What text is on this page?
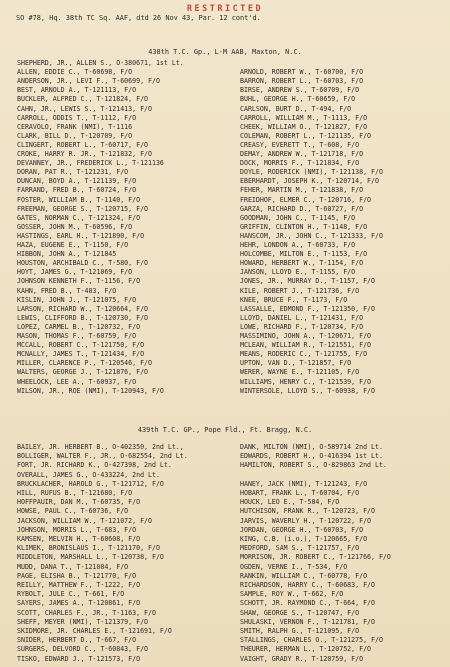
RESTRICTED
SO #78, Hq. 38th TC Sq. AAF, dtd 26 Nov 43, Par. 12 cont'd.
438th T.C. Gp., L-M AAB, Maxton, N.C.
SHEPHERD, JR., ALLEN S., O-380671, 1st Lt.
ALLEN, EDDIE C., T-60698, F/O	ARNOLD, ROBERT W., T-60700, F/O
ANDERSON, JR., LEVI F., T-60699, F/O	BARRON, ROBERT L., T-60703, F/O
BEST, ARNOLD A., T-121113, F/O	BIRSE, ANDREW S., T-60709, F/O
BUCKLER, ALFRED C., T-121824, F/O	BUHL, GEORGE H., T-60659, F/O
CAHN, JR., LEWIS S., T-121413, F/O	CARLSON, BURT D., T-494, F/O
CARROLL, ODDIS T., T-1112, F/O	CARROLL, WILLIAM M., T-1113, F/O
CERAVOLO, FRANK (NMI), T-1116	CHEEK, WILLIAM O., T-121827, F/O
CLARK, BILL D., T-120709, F/O	COLEMAN, ROBERT L., T-121135, F/O
CLINGERT, ROBERT L., T-60717, F/O	CREASY, EVERETT T., T-608, F/O
CROKE, HARRY R. JR., T-121832, F/O	DEMAY, ANDREW W., T-121718, F/O
DEVANNEY, JR., FREDERICK L., T-121136	DOCK, MORRIS F., T-121834, F/O
DORAN, PAT R., T-121231, F/O	DOYLE, RODERICK (NMI), T-121138, F/O
DUNCAN, BOYD A., T-121139, F/O	EBERHARDT, JOSEPH K., T-120714, F/O
FARRAND, FRED B., T-60724, F/O	FEHER, MARTIN M., T-121838, F/O
FOSTER, WILLIAM B., T-1140, F/O	FREIDHOF, ELMER C., T-120716, F/O
FREEMAN, GEORGE S., T-120715, F/O	GARZA, RICHARD D., T-60727, F/O
GATES, NORMAN C., T-121324, F/O	GOODMAN, JOHN C., T-1145, F/O
GOSSER, JOHN M., T-60596, F/O	GRIFFIN, CLINTON H., T-1148, F/O
HASTINGS, EARL H., T-121890, F/O	HANSCOM, JR., JOHN C., T-121333, F/O
HAZA, EUGENE E., T-1150, F/O	HEHR, LONDON A., T-60733, F/O
HIBBON, JOHN A., T-121845	HOLCOMBE, MILTON E., T-1153, F/O
HOUSTON, ARCHIBALD C., T-580, F/O	HOWARD, HERBERT W., T-1154, F/O
HOYT, JAMES G., T-121069, F/O	JANSON, LLOYD E., T-1155, F/O
JOHNSON KENNETH F., T-1156, F/O	JONES, JR., MURRAY D., T-1157, F/O
KAHN, FRED B., T-483, F/O	KILE, ROBERT J., T-121736, F/O
KISLIN, JOHN J., T-121075, F/O	KNEE, BRUCE F., T-1173, F/O
LARSON, RICHARD W., T-120664, F/O	LASSALLE, EDMOND F., T-121350, F/O
LEWIS, CLIFFORD B., T-120730, F/O	LLOYD, DANIEL L., T-121431, F/O
LOPEZ, CARMEL B., T-120732, F/O	LOWE, RICHARD F., T-120734, F/O
MASON, THOMAS F., T-60759, F/O	MASSIMINO, JOHN A., T-120671, F/O
MCCALL, ROBERT C., T-121750, F/O	MCLEAN, WILLIAM R., T-121551, F/O
MCNALLY, JAMES T., T-121434, F/O	MEANS, RODERIC C., T-121755, F/O
MILLER, CLARENCE P., T-120546, F/O	UPTON, VAN D., T-121857, F/O
WALTERS, GEORGE J., T-121876, F/O	WERER, WAYNE E., T-121105, F/O
WHEELOCK, LEE A., T-60937, F/O	WILLIAMS, HENRY C., T-121539, F/O
WILSON, JR., ROE (NMI), T-120943, F/O	WINTERSOLE, LLOYD S., T-60938, F/O
439th T.C. GP., Pope Fld., Ft. Bragg, N.C.
BAILEY, JR. HERBERT B., O-402350, 2nd Lt.,	DANK, MILTON (NMI), O-589714 2nd Lt.
BOLLIGER, WALTER F., JR., O-682554, 2nd Lt.	EDWARDS, ROBERT H., O-416394 1st Lt.
FORT, JR. RICHARD K., O-427398, 2nd Lt.	HAMILTON, ROBERT S., O-829863 2nd Lt.
OVERALL, JAMES G., O-433224, 2nd Lt.
BRUCKLACHER, HAROLD G., T-121712, F/O	HANEY, JACK (NMI), T-121243, F/O
HILL, RUFUS B., T-121680, F/O	HOBART, FRANK L., T-60704, F/O
HOFFPAUIR, DAN M., T-60735, F/O	HOUCK, LEO E., T-504, F/O
HOWSE, PAUL C., T-60736, F/O	HUTCHISON, FRANK R., T-120723, F/O
JACKSON, WILLIAM W., T-121072, F/O	JARVIS, WAVERLY H., T-120722, F/O
JOHNSON, MORRIS L., T-683, F/O	JORDAN, GEORGE H., T-60703, F/O
KAMSEN, MELVIN H., T-60608, F/O	KING, C.B. (i.o.), T-120665, F/O
KLIMEK, BRONISLAUS I., T-121170, F/O	MEDFORD, SAM S., T-121757, F/O
MIDDLETON, MARSHALL L., T-120738, F/O	MORRISON, JR. ROBERT C., T-121766, F/O
MUDD, DANA T., T-121084, F/O	OGDEN, VERNE I., T-534, F/O
PAGE, ELISHA B., T-121770, F/O	RANKIN, WILLIAM C., T-60778, F/O
REILLY, MATTHEW F., T-1222, F/O	RICHARDSON, HARRY C., T-60683, F/O
RYBOLT, JULE C., T-661, F/O	SAMPLE, ROY W., T-662, F/O
SAYERS, JAMES A., T-120861, F/O	SCHOTT, JR. RAYMOND C., T-664, F/O
SCOTT, CHARLES F., JR., T-1163, F/O	SHAW, GEORGE S., T-120747, F/O
SHEFF, MEYER (NMI), T-121379, F/O	SHULASKI, VERNON F., T-121781, F/O
SKIDMORE, JR. CHARLES E., T-121691, F/O	SMITH, RALPH G., T-121095, F/O
SNIDER, HERBERT D., T-667, F/O	STALLINGS, CHARLES O., T-121275, F/O
SURGERS, DELVORD C., T-60843, F/O	THEURER, HERMAN L., T-120752, F/O
TISKO, EDWARD J., T-121573, F/O	VAIGHT, GRADY R., T-120759, F/O
